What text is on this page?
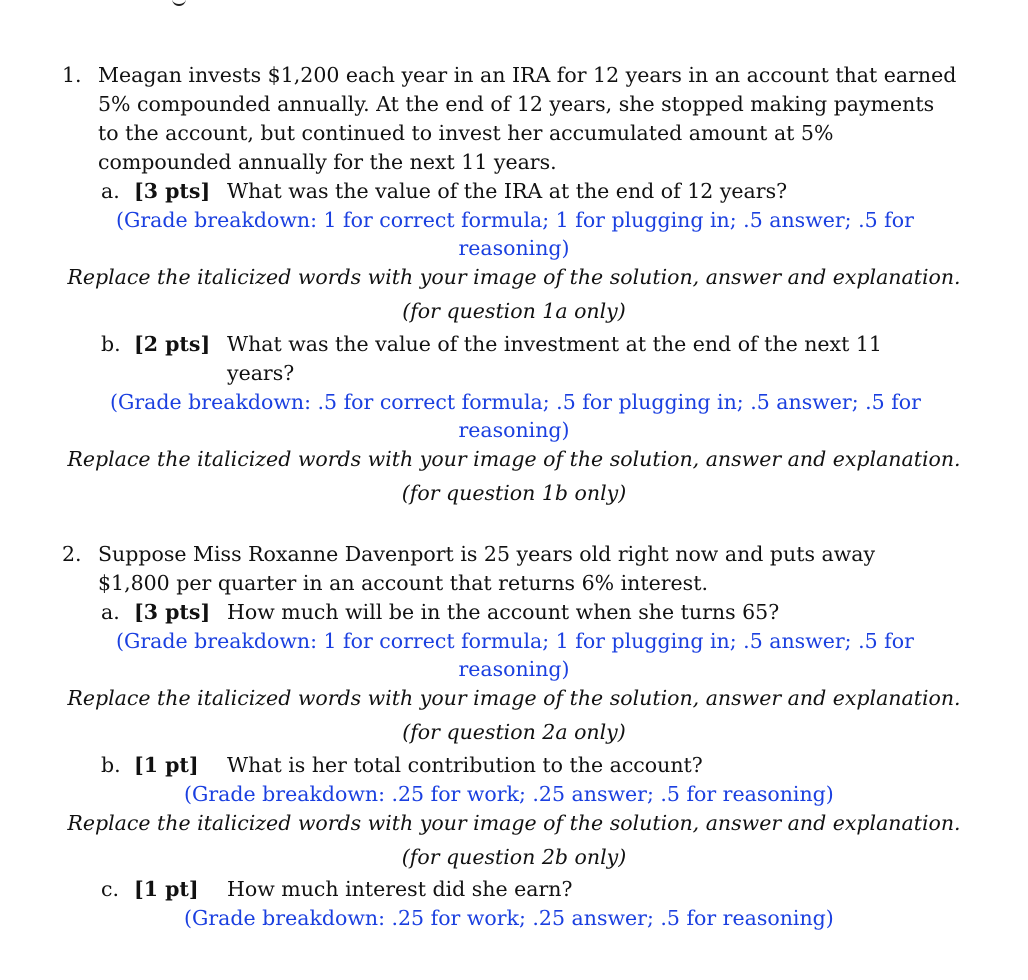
1. Meagan invests $1,200 each year in an IRA for 12 years in an account that earned
5% compounded annually. At the end of 12 years, she stopped making payments
to the account, but continued to invest her accumulated amount at 5%
compounded annually for the next 11 years.
a. [3 pts] What was the value of the IRA at the end of 12 years?
(Grade breakdown: 1 for correct formula; 1 for plugging in; .5 answer; .5 for
reasoning)
Replace the italicized words with your image of the solution, answer and explanation.
(for question 1a only)
b. [2 pts] What was the value of the investment at the end of the next 11
years?
(Grade breakdown: .5 for correct formula; .5 for plugging in; .5 answer; .5 for
reasoning)
Replace the italicized words with your image of the solution, answer and explanation.
(for question 1b only)
2. Suppose Miss Roxanne Davenport is 25 years old right now and puts away
$1,800 per quarter in an account that returns 6% interest.
a. [3 pts] How much will be in the account when she turns 65?
(Grade breakdown: 1 for correct formula; 1 for plugging in; .5 answer; .5 for
reasoning)
Replace the italicized words with your image of the solution, answer and explanation.
(for question 2a only)
b. [1 pt] What is her total contribution to the account?
(Grade breakdown: .25 for work; .25 answer; .5 for reasoning)
Replace the italicized words with your image of the solution, answer and explanation.
(for question 2b only)
c. [1 pt] How much interest did she earn?
(Grade breakdown: .25 for work; .25 answer; .5 for reasoning)
